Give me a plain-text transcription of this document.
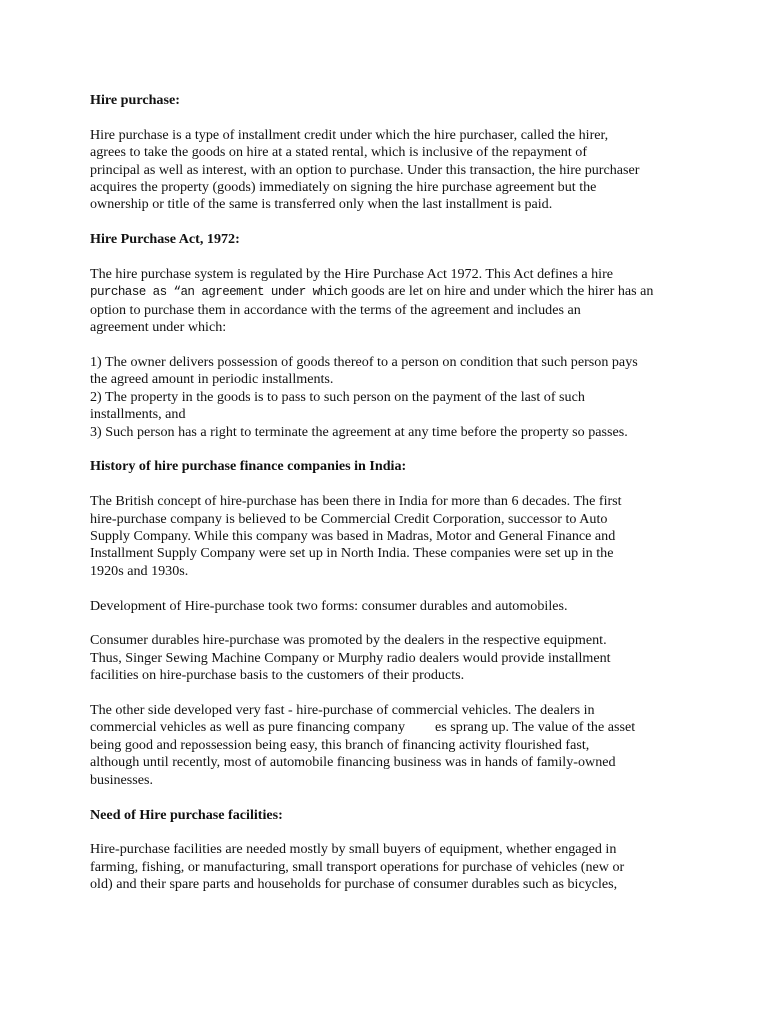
Hire purchase:
Hire purchase is a type of installment credit under which the hire purchaser, called the hirer,
agrees to take the goods on hire at a stated rental, which is inclusive of the repayment of
principal as well as interest, with an option to purchase. Under this transaction, the hire purchaser
acquires the property (goods) immediately on signing the hire purchase agreement but the
ownership or title of the same is transferred only when the last installment is paid.
Hire Purchase Act, 1972:
The hire purchase system is regulated by the Hire Purchase Act 1972. This Act defines a hire
purchase as “an agreement under which goods are let on hire and under which the hirer has an
option to purchase them in accordance with the terms of the agreement and includes an
agreement under which:
1) The owner delivers possession of goods thereof to a person on condition that such person pays
the agreed amount in periodic installments.
2) The property in the goods is to pass to such person on the payment of the last of such
installments, and
3) Such person has a right to terminate the agreement at any time before the property so passes.
History of hire purchase finance companies in India:
The British concept of hire-purchase has been there in India for more than 6 decades. The first
hire-purchase company is believed to be Commercial Credit Corporation, successor to Auto
Supply Company. While this company was based in Madras, Motor and General Finance and
Installment Supply Company were set up in North India. These companies were set up in the
1920s and 1930s.
Development of Hire-purchase took two forms: consumer durables and automobiles.
Consumer durables hire-purchase was promoted by the dealers in the respective equipment.
Thus, Singer Sewing Machine Company or Murphy radio dealers would provide installment
facilities on hire-purchase basis to the customers of their products.
The other side developed very fast - hire-purchase of commercial vehicles. The dealers in
commercial vehicles as well as pure financing company es sprang up. The value of the asset
being good and repossession being easy, this branch of financing activity flourished fast,
although until recently, most of automobile financing business was in hands of family-owned
businesses.
Need of Hire purchase facilities:
Hire-purchase facilities are needed mostly by small buyers of equipment, whether engaged in
farming, fishing, or manufacturing, small transport operations for purchase of vehicles (new or
old) and their spare parts and households for purchase of consumer durables such as bicycles,
